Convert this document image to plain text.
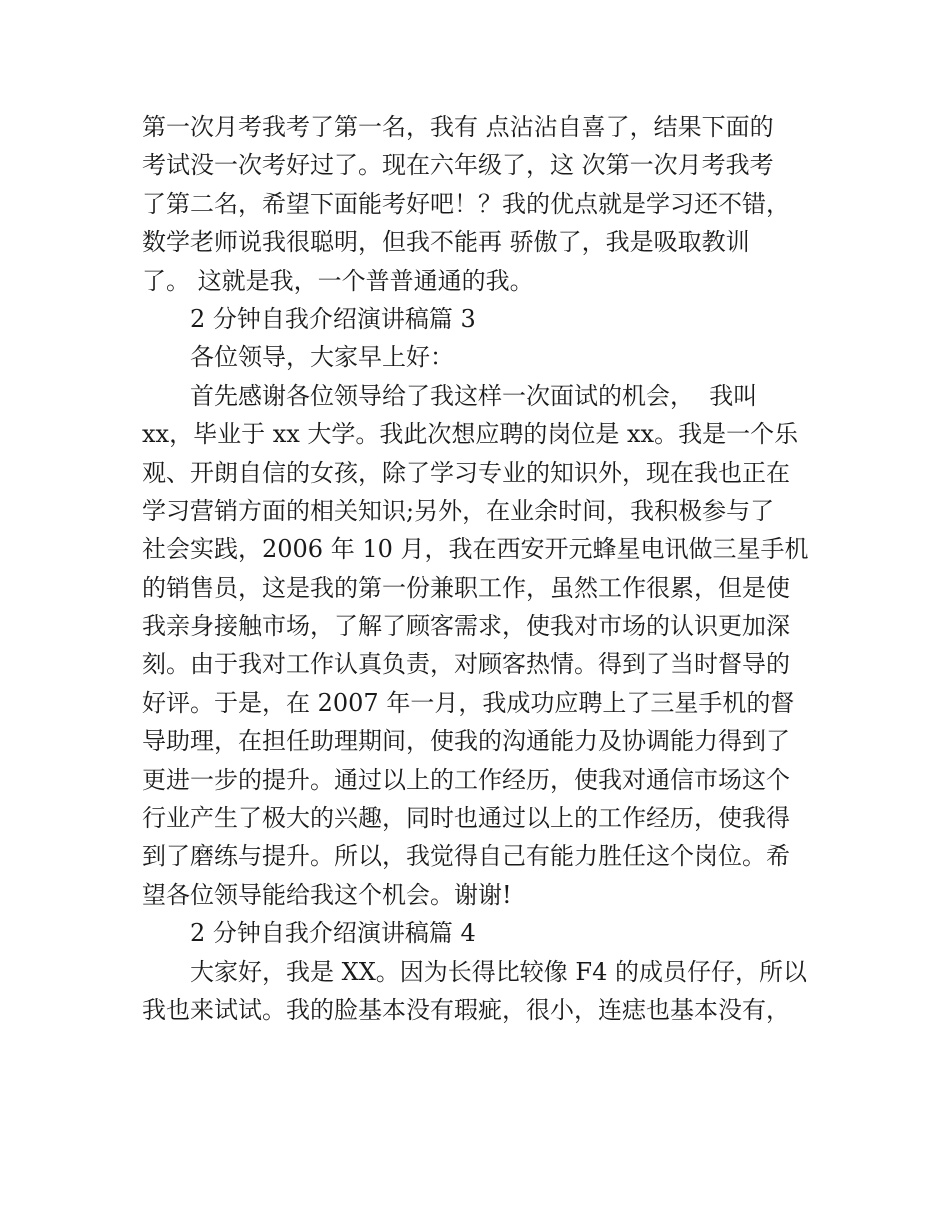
第一次月考我考了第一名，我有 点沾沾自喜了，结果下面的
考试没一次考好过了。现在六年级了，这 次第一次月考我考
了第二名，希望下面能考好吧！？我的优点就是学习还不错，
数学老师说我很聪明，但我不能再 骄傲了，我是吸取教训
了。 这就是我，一个普普通通的我。
2 分钟自我介绍演讲稿篇 3
各位领导，大家早上好：
首先感谢各位领导给了我这样一次面试的机会，  我叫
xx，毕业于 xx 大学。我此次想应聘的岗位是 xx。我是一个乐
观、开朗自信的女孩，除了学习专业的知识外，现在我也正在
学习营销方面的相关知识;另外，在业余时间，我积极参与了
社会实践，2006 年 10 月，我在西安开元蜂星电讯做三星手机
的销售员，这是我的第一份兼职工作，虽然工作很累，但是使
我亲身接触市场，了解了顾客需求，使我对市场的认识更加深
刻。由于我对工作认真负责，对顾客热情。得到了当时督导的
好评。于是，在 2007 年一月，我成功应聘上了三星手机的督
导助理，在担任助理期间，使我的沟通能力及协调能力得到了
更进一步的提升。通过以上的工作经历，使我对通信市场这个
行业产生了极大的兴趣，同时也通过以上的工作经历，使我得
到了磨练与提升。所以，我觉得自己有能力胜任这个岗位。希
望各位领导能给我这个机会。谢谢!
2 分钟自我介绍演讲稿篇 4
大家好，我是 XX。因为长得比较像 F4 的成员仔仔，所以
我也来试试。我的脸基本没有瑕疵，很小，连痣也基本没有，
